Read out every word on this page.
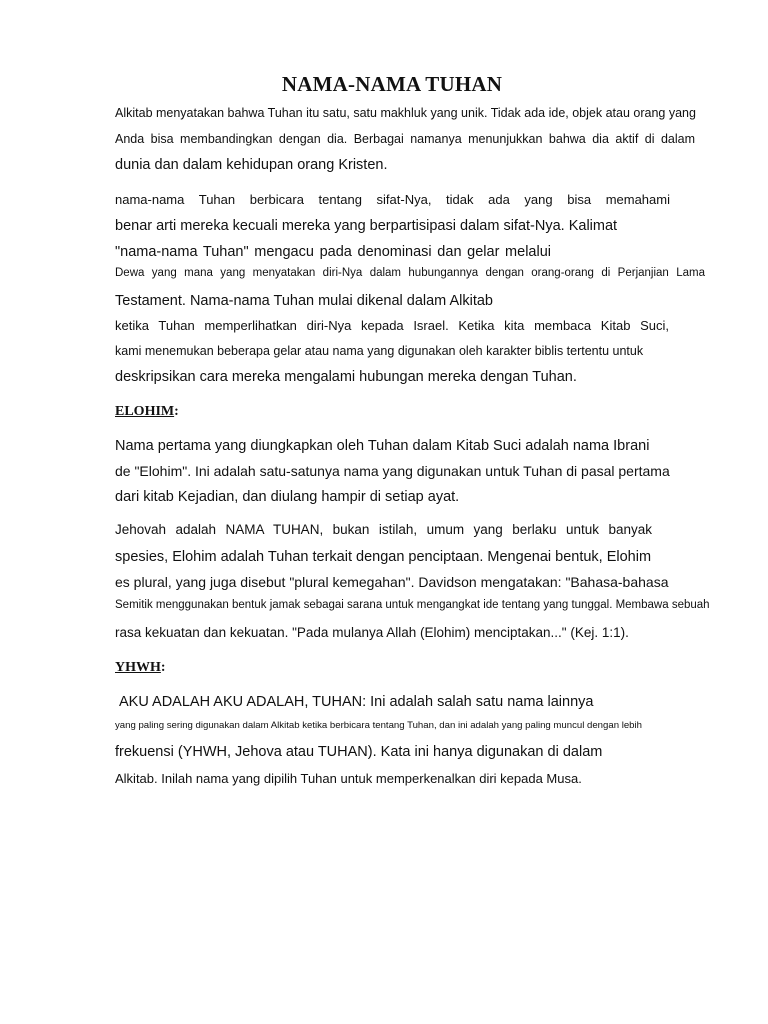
NAMA-NAMA TUHAN
Alkitab menyatakan bahwa Tuhan itu satu, satu makhluk yang unik. Tidak ada ide, objek atau orang yang
Anda bisa membandingkan dengan dia. Berbagai namanya menunjukkan bahwa dia aktif di dalam
dunia dan dalam kehidupan orang Kristen.
nama-nama Tuhan berbicara tentang sifat-Nya, tidak ada yang bisa memahami
benar arti mereka kecuali mereka yang berpartisipasi dalam sifat-Nya. Kalimat
"nama-nama Tuhan" mengacu pada denominasi dan gelar melalui
Dewa yang mana yang menyatakan diri-Nya dalam hubungannya dengan orang-orang di Perjanjian Lama
Testament. Nama-nama Tuhan mulai dikenal dalam Alkitab
ketika Tuhan memperlihatkan diri-Nya kepada Israel. Ketika kita membaca Kitab Suci,
kami menemukan beberapa gelar atau nama yang digunakan oleh karakter biblis tertentu untuk
deskripsikan cara mereka mengalami hubungan mereka dengan Tuhan.
ELOHIM:
Nama pertama yang diungkapkan oleh Tuhan dalam Kitab Suci adalah nama Ibrani
de "Elohim". Ini adalah satu-satunya nama yang digunakan untuk Tuhan di pasal pertama
dari kitab Kejadian, dan diulang hampir di setiap ayat.
Jehovah adalah NAMA TUHAN, bukan istilah, umum yang berlaku untuk banyak
spesies, Elohim adalah Tuhan terkait dengan penciptaan. Mengenai bentuk, Elohim
es plural, yang juga disebut "plural kemegahan". Davidson mengatakan: "Bahasa-bahasa
Semitik menggunakan bentuk jamak sebagai sarana untuk mengangkat ide tentang yang tunggal. Membawa sebuah
rasa kekuatan dan kekuatan. "Pada mulanya Allah (Elohim) menciptakan..." (Kej. 1:1).
YHWH:
AKU ADALAH AKU ADALAH, TUHAN: Ini adalah salah satu nama lainnya
yang paling sering digunakan dalam Alkitab ketika berbicara tentang Tuhan, dan ini adalah yang paling muncul dengan lebih
frekuensi (YHWH, Jehova atau TUHAN). Kata ini hanya digunakan di dalam
Alkitab. Inilah nama yang dipilih Tuhan untuk memperkenalkan diri kepada Musa.
